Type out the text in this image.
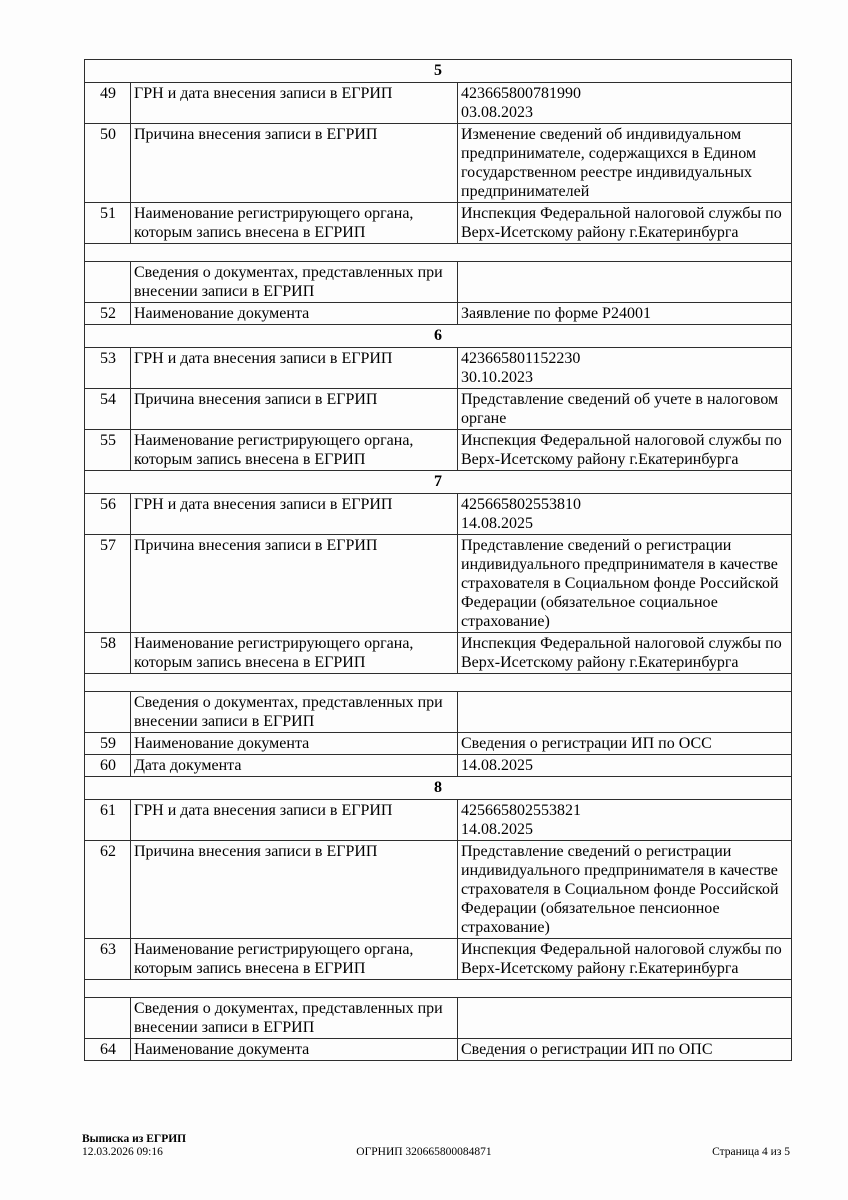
5		
49	ГРН и дата внесения записи в ЕГРИП	423665800781990
03.08.2023

50	Причина внесения записи в ЕГРИП	Изменение сведений об индивидуальном предпринимателе, содержащихся в Едином государственном реестре индивидуальных предпринимателей
51	Наименование регистрирующего органа, которым запись внесена в ЕГРИП	Инспекция Федеральной налоговой службы по Верх-Исетскому району г.Екатеринбурга

	Сведения о документах, представленных при внесении записи в ЕГРИП	
52	Наименование документа	Заявление по форме Р24001
6		
53	ГРН и дата внесения записи в ЕГРИП	423665801152230
30.10.2023

54	Причина внесения записи в ЕГРИП	Представление сведений об учете в налоговом органе
55	Наименование регистрирующего органа, которым запись внесена в ЕГРИП	Инспекция Федеральной налоговой службы по Верх-Исетскому району г.Екатеринбурга
7		
56	ГРН и дата внесения записи в ЕГРИП	425665802553810
14.08.2025

57	Причина внесения записи в ЕГРИП	Представление сведений о регистрации индивидуального предпринимателя в качестве страхователя в Социальном фонде Российской Федерации (обязательное социальное страхование)
58	Наименование регистрирующего органа, которым запись внесена в ЕГРИП	Инспекция Федеральной налоговой службы по Верх-Исетскому району г.Екатеринбурга

	Сведения о документах, представленных при внесении записи в ЕГРИП	
59	Наименование документа	Сведения о регистрации ИП по ОСС
60	Дата документа	14.08.2025
8		
61	ГРН и дата внесения записи в ЕГРИП	425665802553821
14.08.2025

62	Причина внесения записи в ЕГРИП	Представление сведений о регистрации индивидуального предпринимателя в качестве страхователя в Социальном фонде Российской Федерации (обязательное пенсионное страхование)
63	Наименование регистрирующего органа, которым запись внесена в ЕГРИП	Инспекция Федеральной налоговой службы по Верх-Исетскому району г.Екатеринбурга

	Сведения о документах, представленных при внесении записи в ЕГРИП	
64	Наименование документа	Сведения о регистрации ИП по ОПС
Выписка из ЕГРИП
12.03.2026 09:16	ОГРНИП 320665800084871	Страница 4 из 5
